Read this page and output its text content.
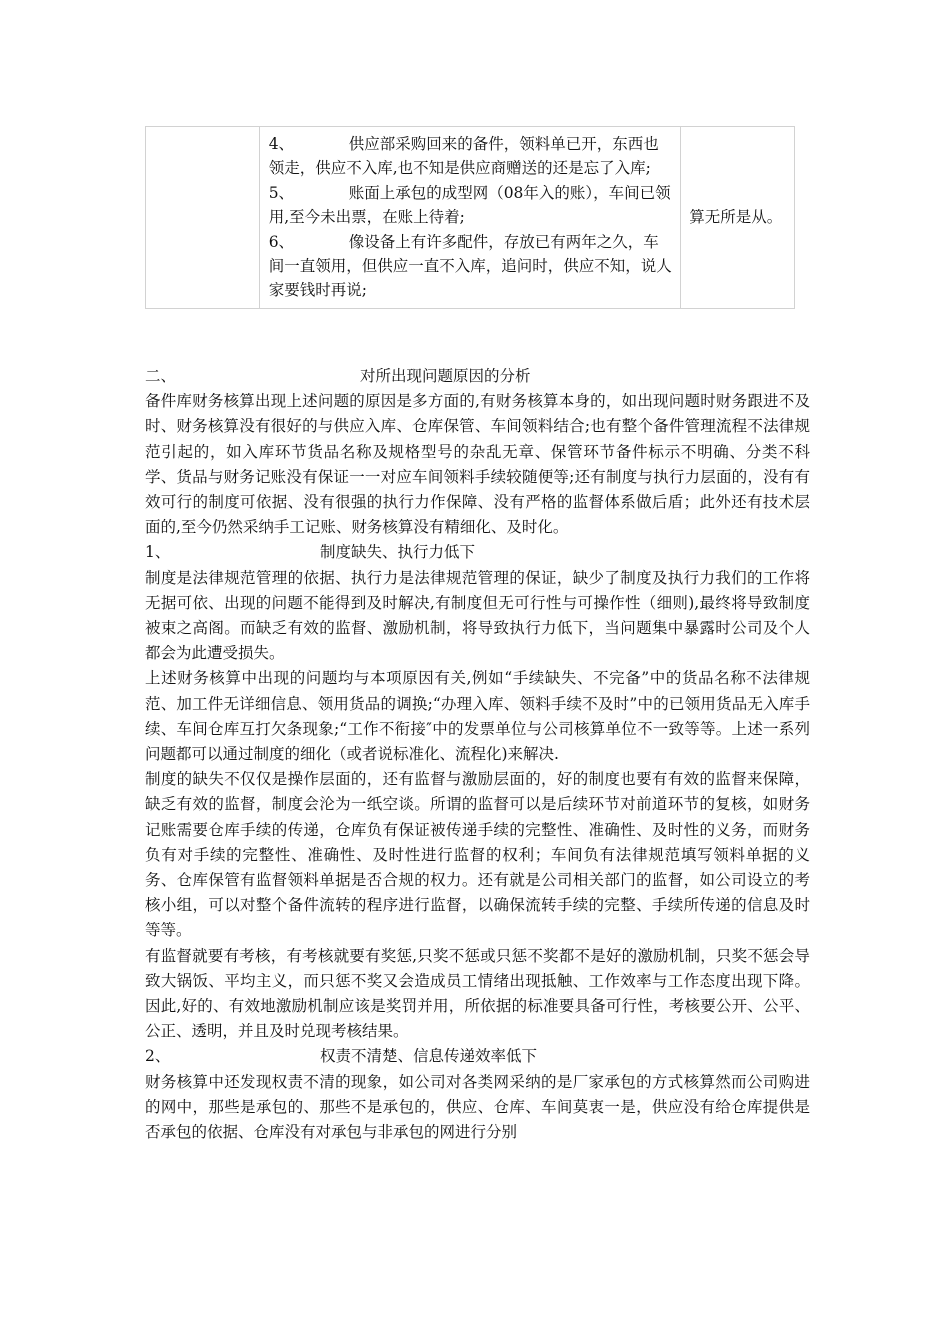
4、	供应部采购回来的备件，领料单已开，东西也领走，供应不入库,也不知是供应商赠送的还是忘了入库;
5、	账面上承包的成型网（08年入的账），车间已领用,至今未出票，在账上待着;
6、	像设备上有许多配件，存放已有两年之久，车间一直领用，但供应一直不入库，追问时，供应不知，说人家要钱时再说;
	算无所是从。
二、	对所出现问题原因的分析

备件库财务核算出现上述问题的原因是多方面的,有财务核算本身的，如出现问题时财务跟进不及时、财务核算没有很好的与供应入库、仓库保管、车间领料结合;也有整个备件管理流程不法律规范引起的，如入库环节货品名称及规格型号的杂乱无章、保管环节备件标示不明确、分类不科学、货品与财务记账没有保证一一对应车间领料手续较随便等;还有制度与执行力层面的，没有有效可行的制度可依据、没有很强的执行力作保障、没有严格的监督体系做后盾；此外还有技术层面的,至今仍然采纳手工记账、财务核算没有精细化、及时化。

1、	制度缺失、执行力低下

制度是法律规范管理的依据、执行力是法律规范管理的保证，缺少了制度及执行力我们的工作将无据可依、出现的问题不能得到及时解决,有制度但无可行性与可操作性（细则),最终将导致制度被束之高阁。而缺乏有效的监督、激励机制，将导致执行力低下，当问题集中暴露时公司及个人都会为此遭受损失。

上述财务核算中出现的问题均与本项原因有关,例如“手续缺失、不完备”中的货品名称不法律规范、加工件无详细信息、领用货品的调换;“办理入库、领料手续不及时”中的已领用货品无入库手续、车间仓库互打欠条现象;“工作不衔接″中的发票单位与公司核算单位不一致等等。上述一系列问题都可以通过制度的细化（或者说标准化、流程化)来解决.

制度的缺失不仅仅是操作层面的，还有监督与激励层面的，好的制度也要有有效的监督来保障，缺乏有效的监督，制度会沦为一纸空谈。所谓的监督可以是后续环节对前道环节的复核，如财务记账需要仓库手续的传递，仓库负有保证被传递手续的完整性、准确性、及时性的义务，而财务负有对手续的完整性、准确性、及时性进行监督的权利；车间负有法律规范填写领料单据的义务、仓库保管有监督领料单据是否合规的权力。还有就是公司相关部门的监督，如公司设立的考核小组，可以对整个备件流转的程序进行监督，以确保流转手续的完整、手续所传递的信息及时等等。

有监督就要有考核，有考核就要有奖惩,只奖不惩或只惩不奖都不是好的激励机制，只奖不惩会导致大锅饭、平均主义，而只惩不奖又会造成员工情绪出现抵触、工作效率与工作态度出现下降。因此,好的、有效地激励机制应该是奖罚并用，所依据的标准要具备可行性，考核要公开、公平、公正、透明，并且及时兑现考核结果。

2、	权责不清楚、信息传递效率低下

财务核算中还发现权责不清的现象，如公司对各类网采纳的是厂家承包的方式核算然而公司购进的网中，那些是承包的、那些不是承包的，供应、仓库、车间莫衷一是，供应没有给仓库提供是否承包的依据、仓库没有对承包与非承包的网进行分别
